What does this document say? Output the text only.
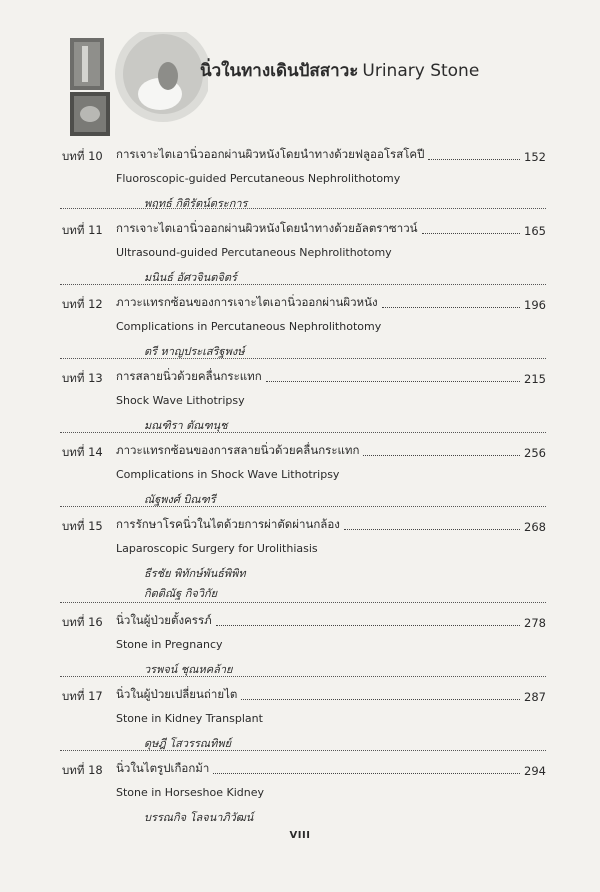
นิ่วในทางเดินปัสสาวะ Urinary Stone
บทที่ 10 การเจาะไตเอานิ่วออกผ่านผิวหนังโดยนำทางด้วยฟลูออโรสโคปี	152
Fluoroscopic-guided Percutaneous Nephrolithotomy
พฤทธ์ กิติรัตน์ตระการ
บทที่ 11 การเจาะไตเอานิ่วออกผ่านผิวหนังโดยนำทางด้วยอัลตราซาวน์	165
Ultrasound-guided Percutaneous Nephrolithotomy
มนินธ์ อัศวจินตจิตร์
บทที่ 12 ภาวะแทรกซ้อนของการเจาะไตเอานิ่วออกผ่านผิวหนัง	196
Complications in Percutaneous Nephrolithotomy
ตรี หาญประเสริฐพงษ์
บทที่ 13 การสลายนิ่วด้วยคลื่นกระแทก	215
Shock Wave Lithotripsy
มณฑิรา ตัณฑนุช
บทที่ 14 ภาวะแทรกซ้อนของการสลายนิ่วด้วยคลื่นกระแทก	256
Complications in Shock Wave Lithotripsy
ณัฐพงศ์ บิณฑรี
บทที่ 15 การรักษาโรคนิ่วในไตด้วยการผ่าตัดผ่านกล้อง	268
Laparoscopic Surgery for Urolithiasis
ธีรชัย พิทักษ์พันธ์พิพิท
กิตติณัฐ กิจวิกัย
บทที่ 16 นิ่วในผู้ป่วยตั้งครรภ์	278
Stone in Pregnancy
วรพจน์ ชุณหคล้าย
บทที่ 17 นิ่วในผู้ป่วยเปลี่ยนถ่ายไต	287
Stone in Kidney Transplant
ดุษฎี โสวรรณทิพย์
บทที่ 18 นิ่วในไตรูปเกือกม้า	294
Stone in Horseshoe Kidney
บรรณกิจ โลจนาภิวัฒน์
VIII
